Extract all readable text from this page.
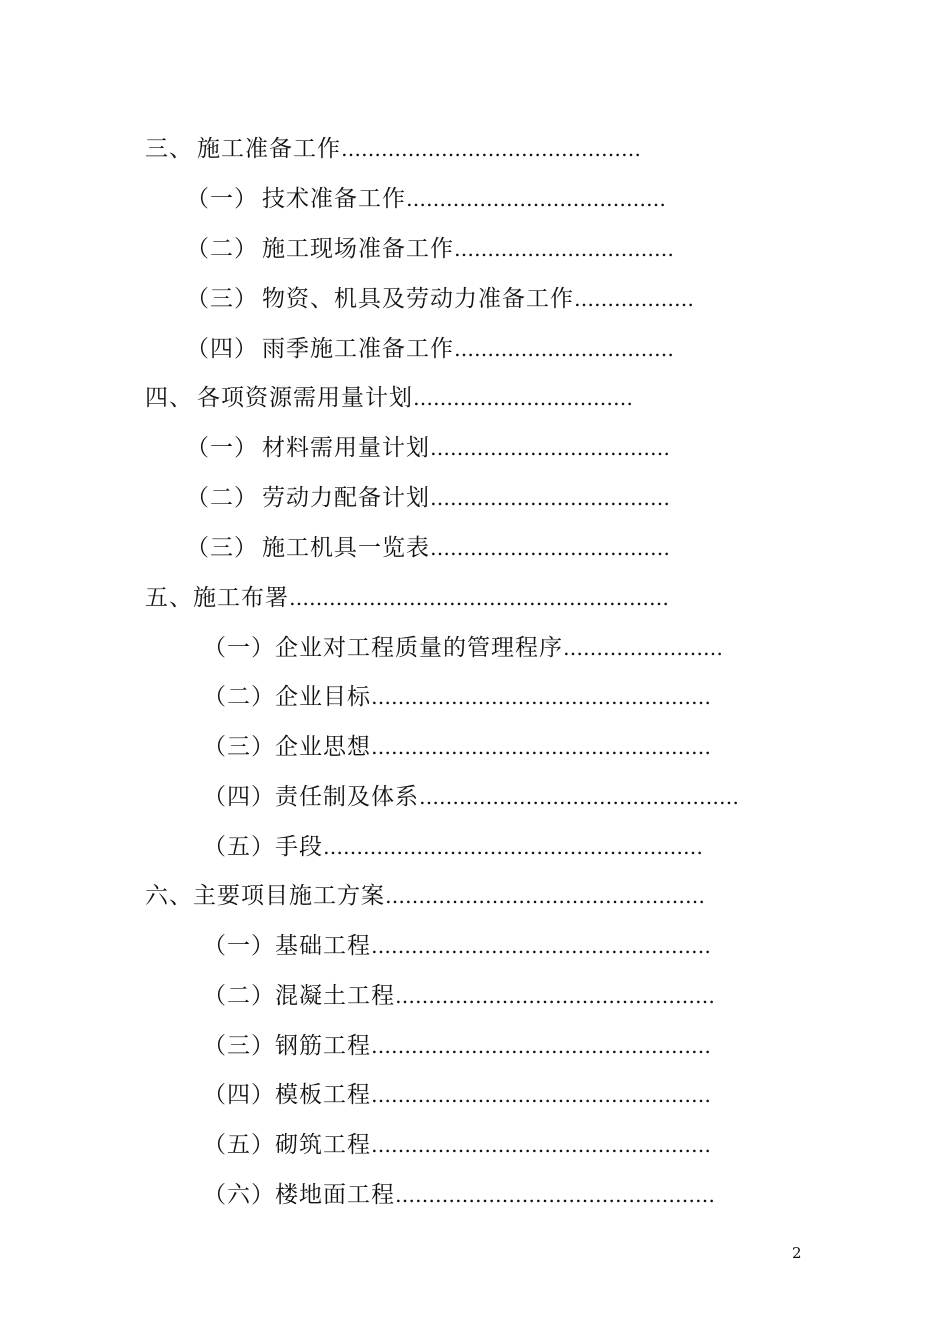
三、 施工准备工作………………………………………
（一） 技术准备工作…………………………………
（二） 施工现场准备工作……………………………
（三） 物资、机具及劳动力准备工作………………
（四） 雨季施工准备工作……………………………
四、 各项资源需用量计划……………………………
（一） 材料需用量计划………………………………
（二） 劳动力配备计划………………………………
（三） 施工机具一览表………………………………
五、施工布署…………………………………………………
（一）企业对工程质量的管理程序……………………
（二）企业目标……………………………………………
（三）企业思想……………………………………………
（四）责任制及体系…………………………………………
（五）手段…………………………………………………
六、主要项目施工方案…………………………………………
（一）基础工程……………………………………………
（二）混凝土工程…………………………………………
（三）钢筋工程……………………………………………
（四）模板工程……………………………………………
（五）砌筑工程……………………………………………
（六）楼地面工程…………………………………………
2
